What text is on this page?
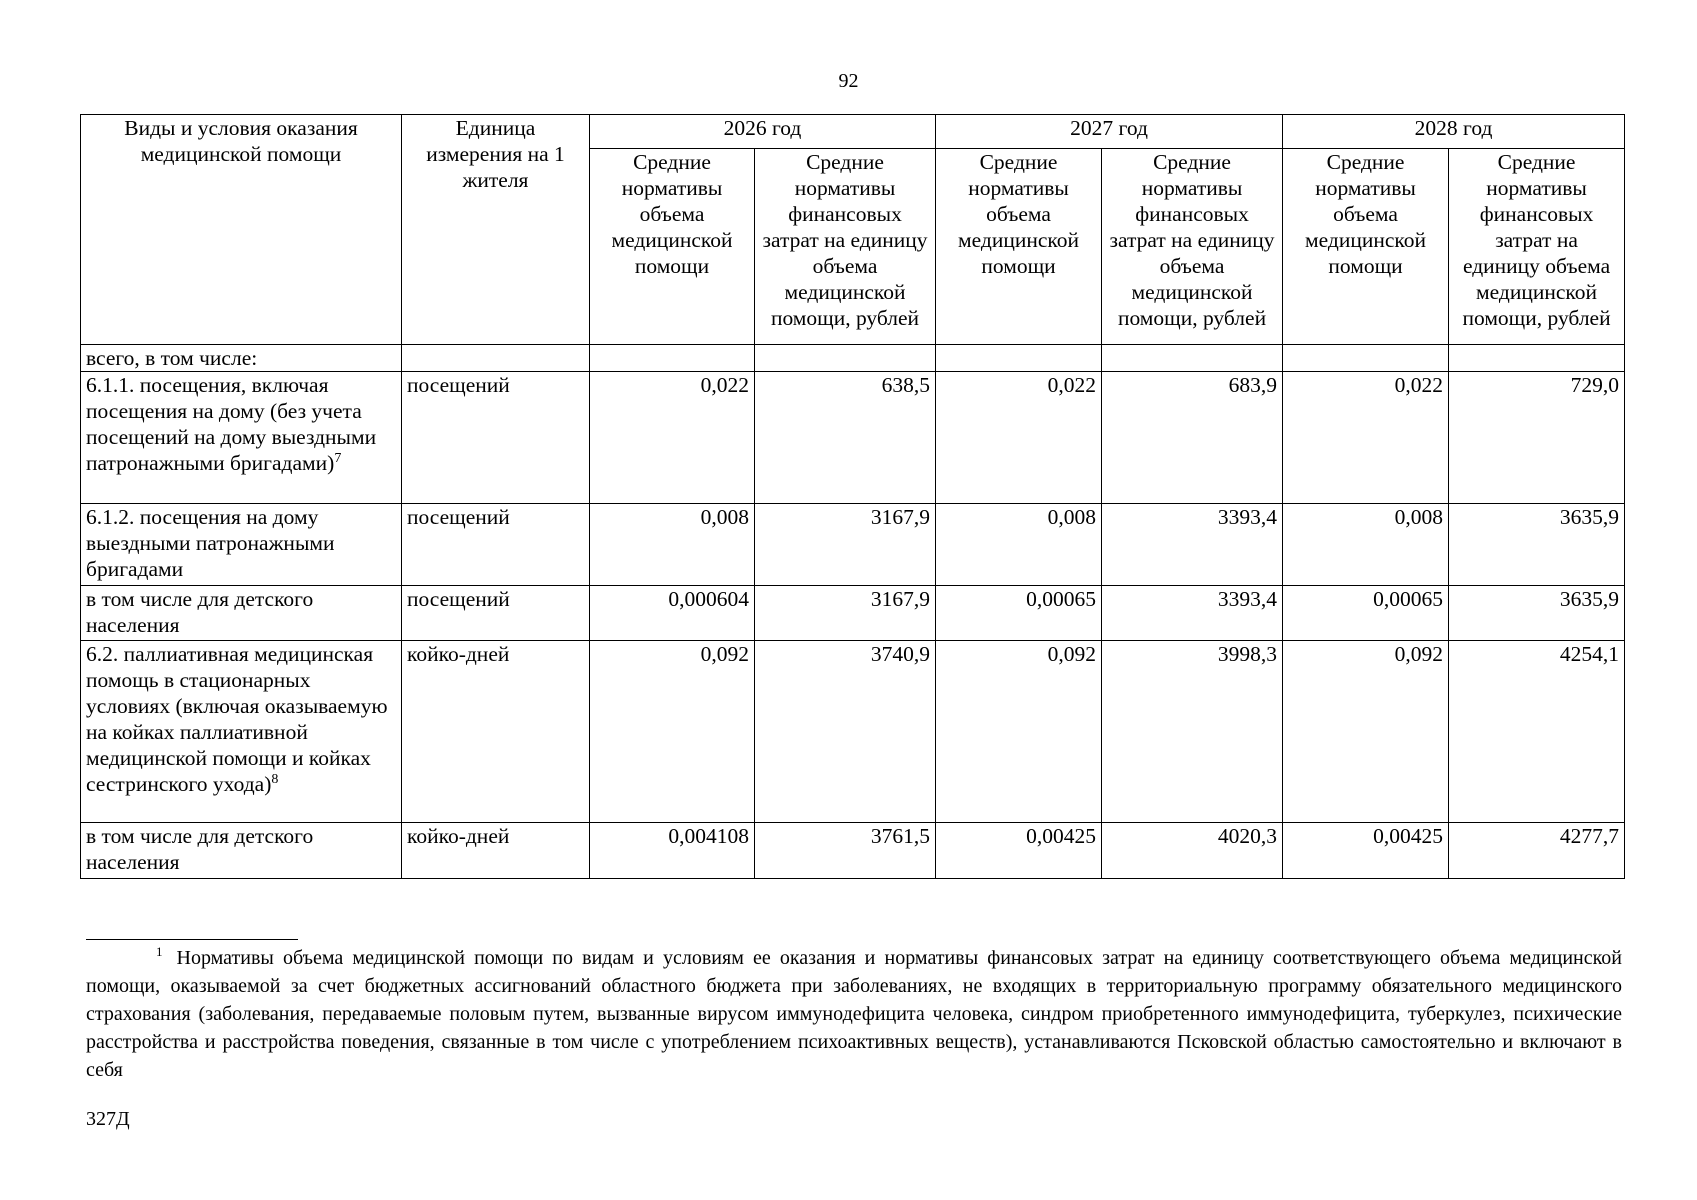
92
Виды и условия оказания медицинской помощи	Единица измерения на 1 жителя	2026 год		2027 год		2028 год	
		Средние нормативы объема медицинской помощи	Средние нормативы финансовых затрат на единицу объема медицинской помощи, рублей	Средние нормативы объема медицинской помощи	Средние нормативы финансовых затрат на единицу объема медицинской помощи, рублей	Средние нормативы объема медицинской помощи	Средние нормативы финансовых затрат на единицу объема медицинской помощи, рублей
всего, в том числе:							
6.1.1. посещения, включая посещения на дому (без учета посещений на дому выездными патронажными бригадами)$^7$	посещений	0,022	638,5	0,022	683,9	0,022	729,0
6.1.2. посещения на дому выездными патронажными бригадами	посещений	0,008	3167,9	0,008	3393,4	0,008	3635,9
в том числе для детского населения	посещений	0,000604	3167,9	0,00065	3393,4	0,00065	3635,9
6.2. паллиативная медицинская помощь в стационарных условиях (включая оказываемую на койках паллиативной медицинской помощи и койках сестринского ухода)$^8$	койко-дней	0,092	3740,9	0,092	3998,3	0,092	4254,1
в том числе для детского населения	койко-дней	0,004108	3761,5	0,00425	4020,3	0,00425	4277,7
$^1$ Нормативы объема медицинской помощи по видам и условиям ее оказания и нормативы финансовых затрат на единицу соответствующего объема медицинской помощи, оказываемой за счет бюджетных ассигнований областного бюджета при заболеваниях, не входящих в территориальную программу обязательного медицинского страхования (заболевания, передаваемые половым путем, вызванные вирусом иммунодефицита человека, синдром приобретенного иммунодефицита, туберкулез, психические расстройства и расстройства поведения, связанные в том числе с употреблением психоактивных веществ), устанавливаются Псковской областью самостоятельно и включают в себя
327Д
